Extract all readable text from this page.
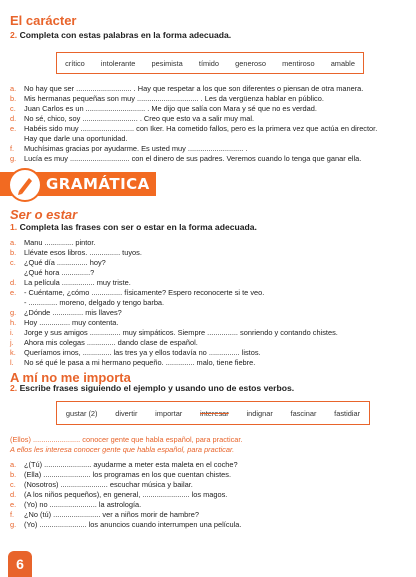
El carácter
2. Completa con estas palabras en la forma adecuada.
crítico intolerante pesimista tímido generoso mentiroso amable
a. No hay que ser ........................... . Hay que respetar a los que son diferentes o piensan de otra manera.
b. Mis hermanas pequeñas son muy .............................. . Les da vergüenza hablar en público.
c. Juan Carlos es un ............................. . Me dijo que salía con Mara y sé que no es verdad.
d. No sé, chico, soy ........................... . Creo que esto va a salir muy mal.
e. Habéis sido muy .......................... con Iker. Ha cometido fallos, pero es la primera vez que actúa en director.
Hay que darle una oportunidad.
f. Muchísimas gracias por ayudarme. Es usted muy ........................... .
g. Lucía es muy ............................. con el dinero de sus padres. Veremos cuando lo tenga que ganar ella.
GRAMÁTICA
Ser o estar
1. Completa las frases con ser o estar en la forma adecuada.
a. Manu .............. pintor.
b. Llévate esos libros. ............... tuyos.
c. ¿Qué día ............... hoy?
¿Qué hora ..............?
d. La película ................ muy triste.
e. - Cuéntame, ¿cómo ............... físicamente? Espero reconocerte si te veo.
- .............. moreno, delgado y tengo barba.
g. ¿Dónde ............... mis llaves?
h. Hoy ............... muy contenta.
i. Jorge y sus amigos ............... muy simpáticos. Siempre ............... sonriendo y contando chistes.
j. Ahora mis colegas .............. dando clase de español.
k. Queríamos irnos, .............. las tres ya y ellos todavía no ............... listos.
l. No sé qué le pasa a mi hermano pequeño. .............. malo, tiene fiebre.
A mí no me importa
2. Escribe frases siguiendo el ejemplo y usando uno de estos verbos.
gustar (2) divertir importar interesar indignar fascinar fastidiar
(Ellos) ....................... conocer gente que habla español, para practicar.
A ellos les interesa conocer gente que habla español, para practicar.
a. ¿(Tú) ....................... ayudarme a meter esta maleta en el coche?
b. (Ella) ....................... los programas en los que cuentan chistes.
c. (Nosotros) ....................... escuchar música y bailar.
d. (A los niños pequeños), en general, ....................... los magos.
e. (Yo) no ....................... la astrología.
f. ¿No (tú) ....................... ver a niños morir de hambre?
g. (Yo) ....................... los anuncios cuando interrumpen una película.
6
